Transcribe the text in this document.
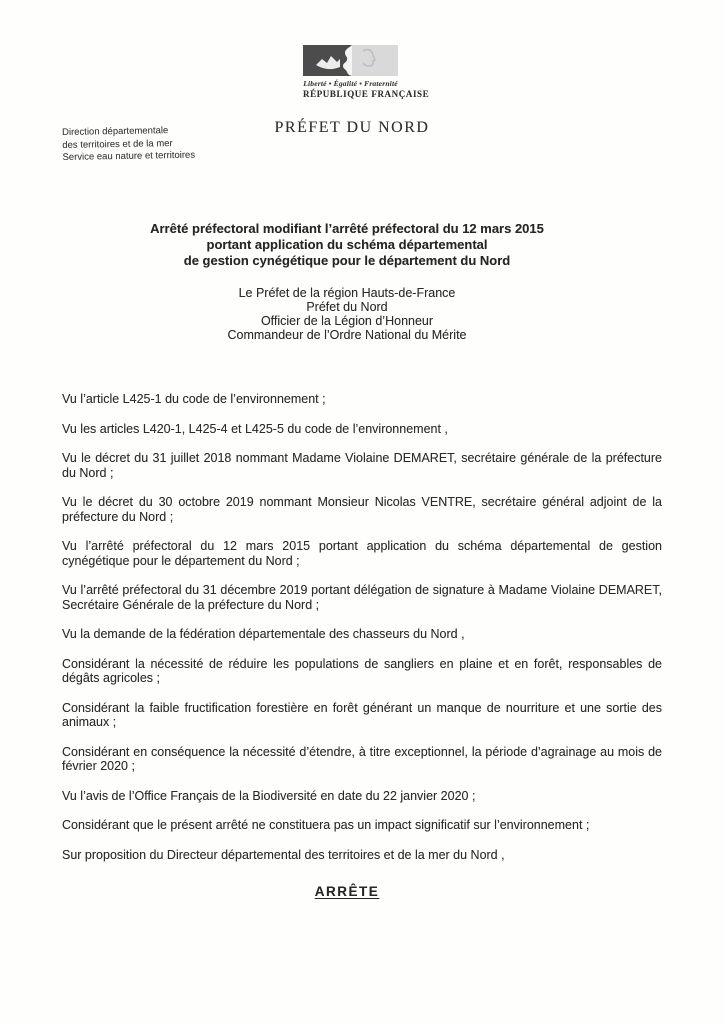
Liberté • Égalité • Fraternité
RÉPUBLIQUE FRANÇAISE
PRÉFET DU NORD
Direction départementale
des territoires et de la mer
Service eau nature et territoires
Arrêté préfectoral modifiant l’arrêté préfectoral du 12 mars 2015
portant application du schéma départemental
de gestion cynégétique pour le département du Nord
Le Préfet de la région Hauts-de-France
Préfet du Nord
Officier de la Légion d’Honneur
Commandeur de l’Ordre National du Mérite

Vu l’article L425-1 du code de l’environnement ;

Vu les articles L420-1, L425-4 et L425-5 du code de l’environnement ,

Vu le décret du 31 juillet 2018 nommant Madame Violaine DEMARET, secrétaire générale de la préfecture du Nord ;

Vu le décret du 30 octobre 2019 nommant Monsieur Nicolas VENTRE, secrétaire général adjoint de la préfecture du Nord ;

Vu l’arrêté préfectoral du 12 mars 2015 portant application du schéma départemental de gestion cynégétique pour le département du Nord ;

Vu l’arrêté préfectoral du 31 décembre 2019 portant délégation de signature à Madame Violaine DEMARET, Secrétaire Générale de la préfecture du Nord ;

Vu la demande de la fédération départementale des chasseurs du Nord ,

Considérant la nécessité de réduire les populations de sangliers en plaine et en forêt, responsables de dégâts agricoles ;

Considérant la faible fructification forestière en forêt générant un manque de nourriture et une sortie des animaux ;

Considérant en conséquence la nécessité d’étendre, à titre exceptionnel, la période d’agrainage au mois de février 2020 ;

Vu l’avis de l’Office Français de la Biodiversité en date du 22 janvier 2020 ;

Considérant que le présent arrêté ne constituera pas un impact significatif sur l’environnement ;

Sur proposition du Directeur départemental des territoires et de la mer du Nord ,

ARRÊTE
